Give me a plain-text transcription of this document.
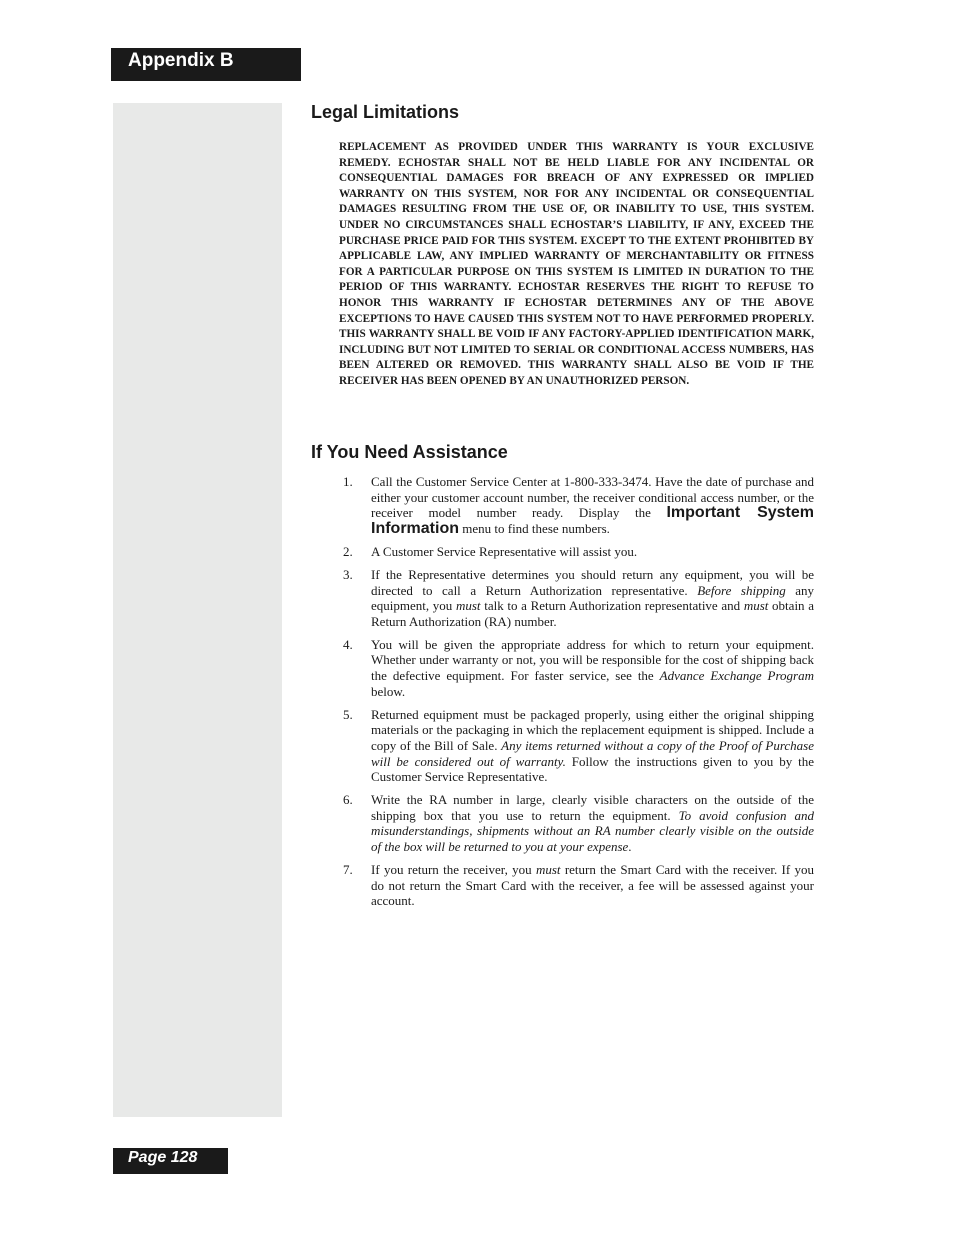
Appendix B
Legal Limitations

REPLACEMENT AS PROVIDED UNDER THIS WARRANTY IS YOUR EXCLUSIVE REMEDY. ECHOSTAR SHALL NOT BE HELD LIABLE FOR ANY INCIDENTAL OR CONSEQUENTIAL DAMAGES FOR BREACH OF ANY EXPRESSED OR IMPLIED WARRANTY ON THIS SYSTEM, NOR FOR ANY INCIDENTAL OR CONSEQUENTIAL DAMAGES RESULTING FROM THE USE OF, OR INABILITY TO USE, THIS SYSTEM. UNDER NO CIRCUMSTANCES SHALL ECHOSTAR’S LIABILITY, IF ANY, EXCEED THE PURCHASE PRICE PAID FOR THIS SYSTEM. EXCEPT TO THE EXTENT PROHIBITED BY APPLICABLE LAW, ANY IMPLIED WARRANTY OF MERCHANTABILITY OR FITNESS FOR A PARTICULAR PURPOSE ON THIS SYSTEM IS LIMITED IN DURATION TO THE PERIOD OF THIS WARRANTY. ECHOSTAR RESERVES THE RIGHT TO REFUSE TO HONOR THIS WARRANTY IF ECHOSTAR DETERMINES ANY OF THE ABOVE EXCEPTIONS TO HAVE CAUSED THIS SYSTEM NOT TO HAVE PERFORMED PROPERLY. THIS WARRANTY SHALL BE VOID IF ANY FACTORY-APPLIED IDENTIFICATION MARK, INCLUDING BUT NOT LIMITED TO SERIAL OR CONDITIONAL ACCESS NUMBERS, HAS BEEN ALTERED OR REMOVED. THIS WARRANTY SHALL ALSO BE VOID IF THE RECEIVER HAS BEEN OPENED BY AN UNAUTHORIZED PERSON.

If You Need Assistance
1. Call the Customer Service Center at 1-800-333-3474. Have the date of purchase and either your customer account number, the receiver conditional access number, or the receiver model number ready. Display the Important System Information menu to find these numbers.
2. A Customer Service Representative will assist you.
3. If the Representative determines you should return any equipment, you will be directed to call a Return Authorization representative. Before shipping any equipment, you must talk to a Return Authorization representative and must obtain a Return Authorization (RA) number.
4. You will be given the appropriate address for which to return your equipment. Whether under warranty or not, you will be responsible for the cost of shipping back the defective equipment. For faster service, see the Advance Exchange Program below.
5. Returned equipment must be packaged properly, using either the original shipping materials or the packaging in which the replacement equipment is shipped. Include a copy of the Bill of Sale. Any items returned without a copy of the Proof of Purchase will be considered out of warranty. Follow the instructions given to you by the Customer Service Representative.
6. Write the RA number in large, clearly visible characters on the outside of the shipping box that you use to return the equipment. To avoid confusion and misunderstandings, shipments without an RA number clearly visible on the outside of the box will be returned to you at your expense.
7. If you return the receiver, you must return the Smart Card with the receiver. If you do not return the Smart Card with the receiver, a fee will be assessed against your account.
Page 128
